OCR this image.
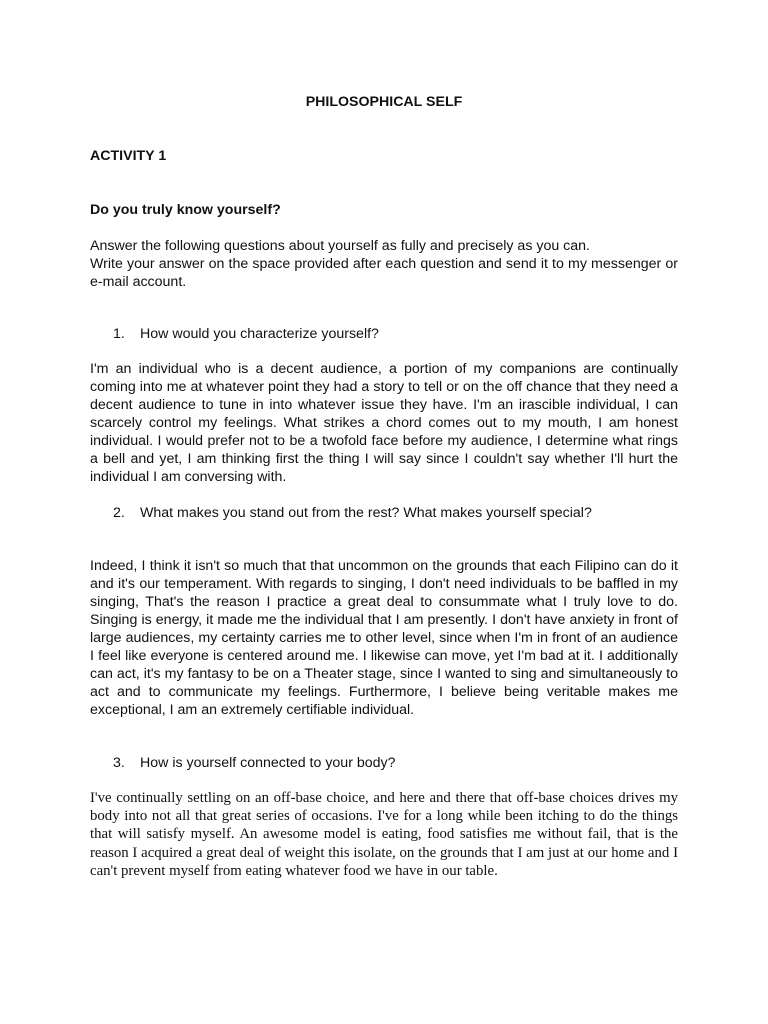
PHILOSOPHICAL SELF
ACTIVITY 1
Do you truly know yourself?

Answer the following questions about yourself as fully and precisely as you can.

Write your answer on the space provided after each question and send it to my messenger or e-mail account.

1. How would you characterize yourself?

I'm an individual who is a decent audience, a portion of my companions are continually coming into me at whatever point they had a story to tell or on the off chance that they need a decent audience to tune in into whatever issue they have. I'm an irascible individual, I can scarcely control my feelings. What strikes a chord comes out to my mouth, I am honest individual. I would prefer not to be a twofold face before my audience, I determine what rings a bell and yet, I am thinking first the thing I will say since I couldn't say whether I'll hurt the individual I am conversing with.

2. What makes you stand out from the rest? What makes yourself special?

Indeed, I think it isn't so much that that uncommon on the grounds that each Filipino can do it and it's our temperament. With regards to singing, I don't need individuals to be baffled in my singing, That's the reason I practice a great deal to consummate what I truly love to do. Singing is energy, it made me the individual that I am presently. I don't have anxiety in front of large audiences, my certainty carries me to other level, since when I'm in front of an audience I feel like everyone is centered around me. I likewise can move, yet I'm bad at it. I additionally can act, it's my fantasy to be on a Theater stage, since I wanted to sing and simultaneously to act and to communicate my feelings. Furthermore, I believe being veritable makes me exceptional, I am an extremely certifiable individual.

3. How is yourself connected to your body?

I've continually settling on an off-base choice, and here and there that off-base choices drives my body into not all that great series of occasions. I've for a long while been itching to do the things that will satisfy myself. An awesome model is eating, food satisfies me without fail, that is the reason I acquired a great deal of weight this isolate, on the grounds that I am just at our home and I can't prevent myself from eating whatever food we have in our table.
